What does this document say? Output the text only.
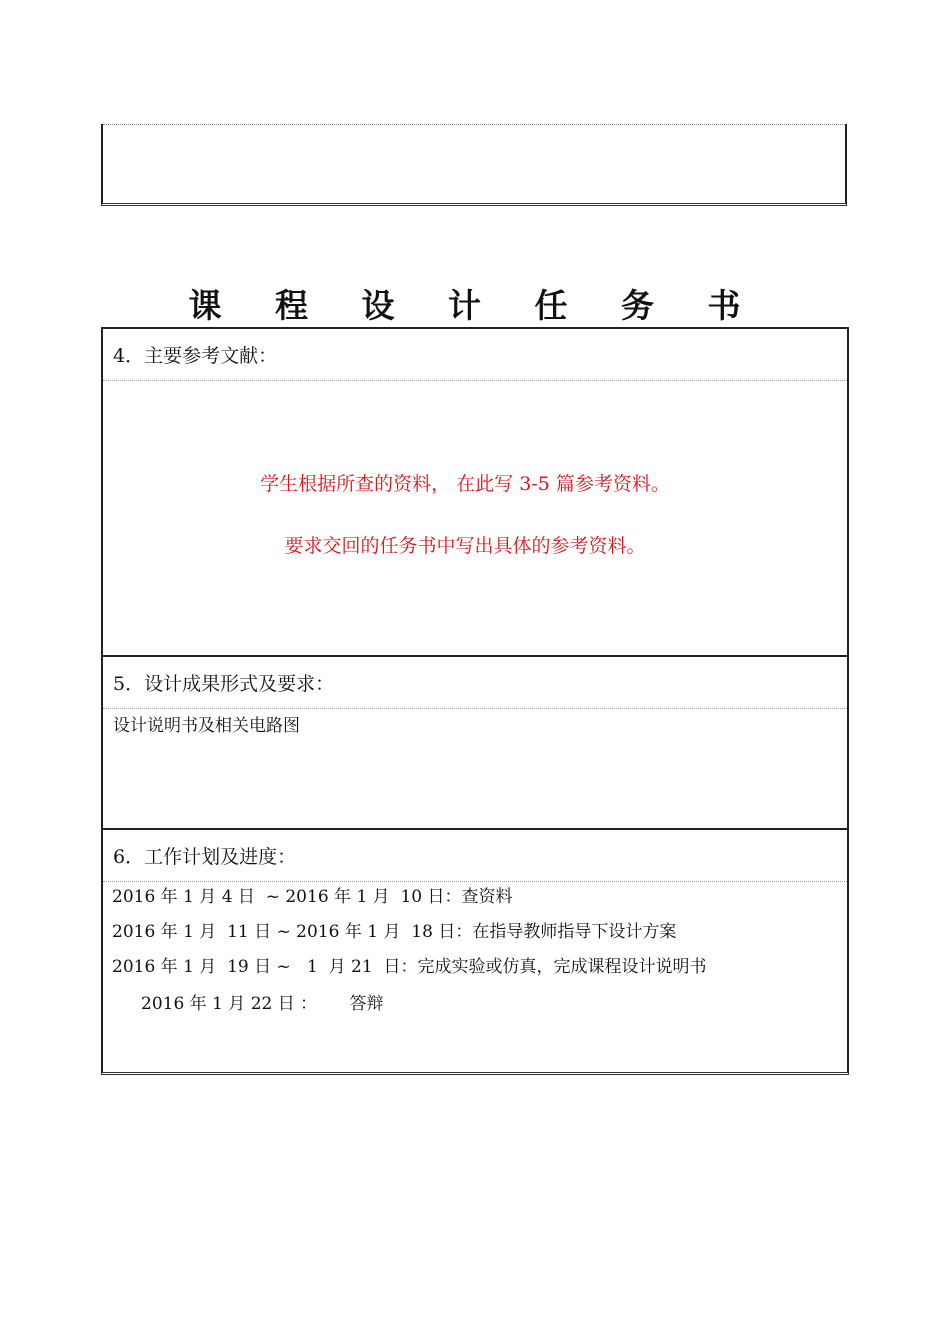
课 程 设 计 任 务 书
4．主要参考文献：
学生根据所查的资料， 在此写 3-5 篇参考资料。
要求交回的任务书中写出具体的参考资料。
5．设计成果形式及要求：
设计说明书及相关电路图
6．工作计划及进度：
2016 年 1 月 4 日  ~ 2016 年 1 月  10 日：查资料
2016 年 1 月  11 日 ~ 2016 年 1 月  18 日：在指导教师指导下设计方案
2016 年 1 月  19 日 ~   1  月 21  日：完成实验或仿真，完成课程设计说明书
2016 年 1 月 22 日 ：      答辩
